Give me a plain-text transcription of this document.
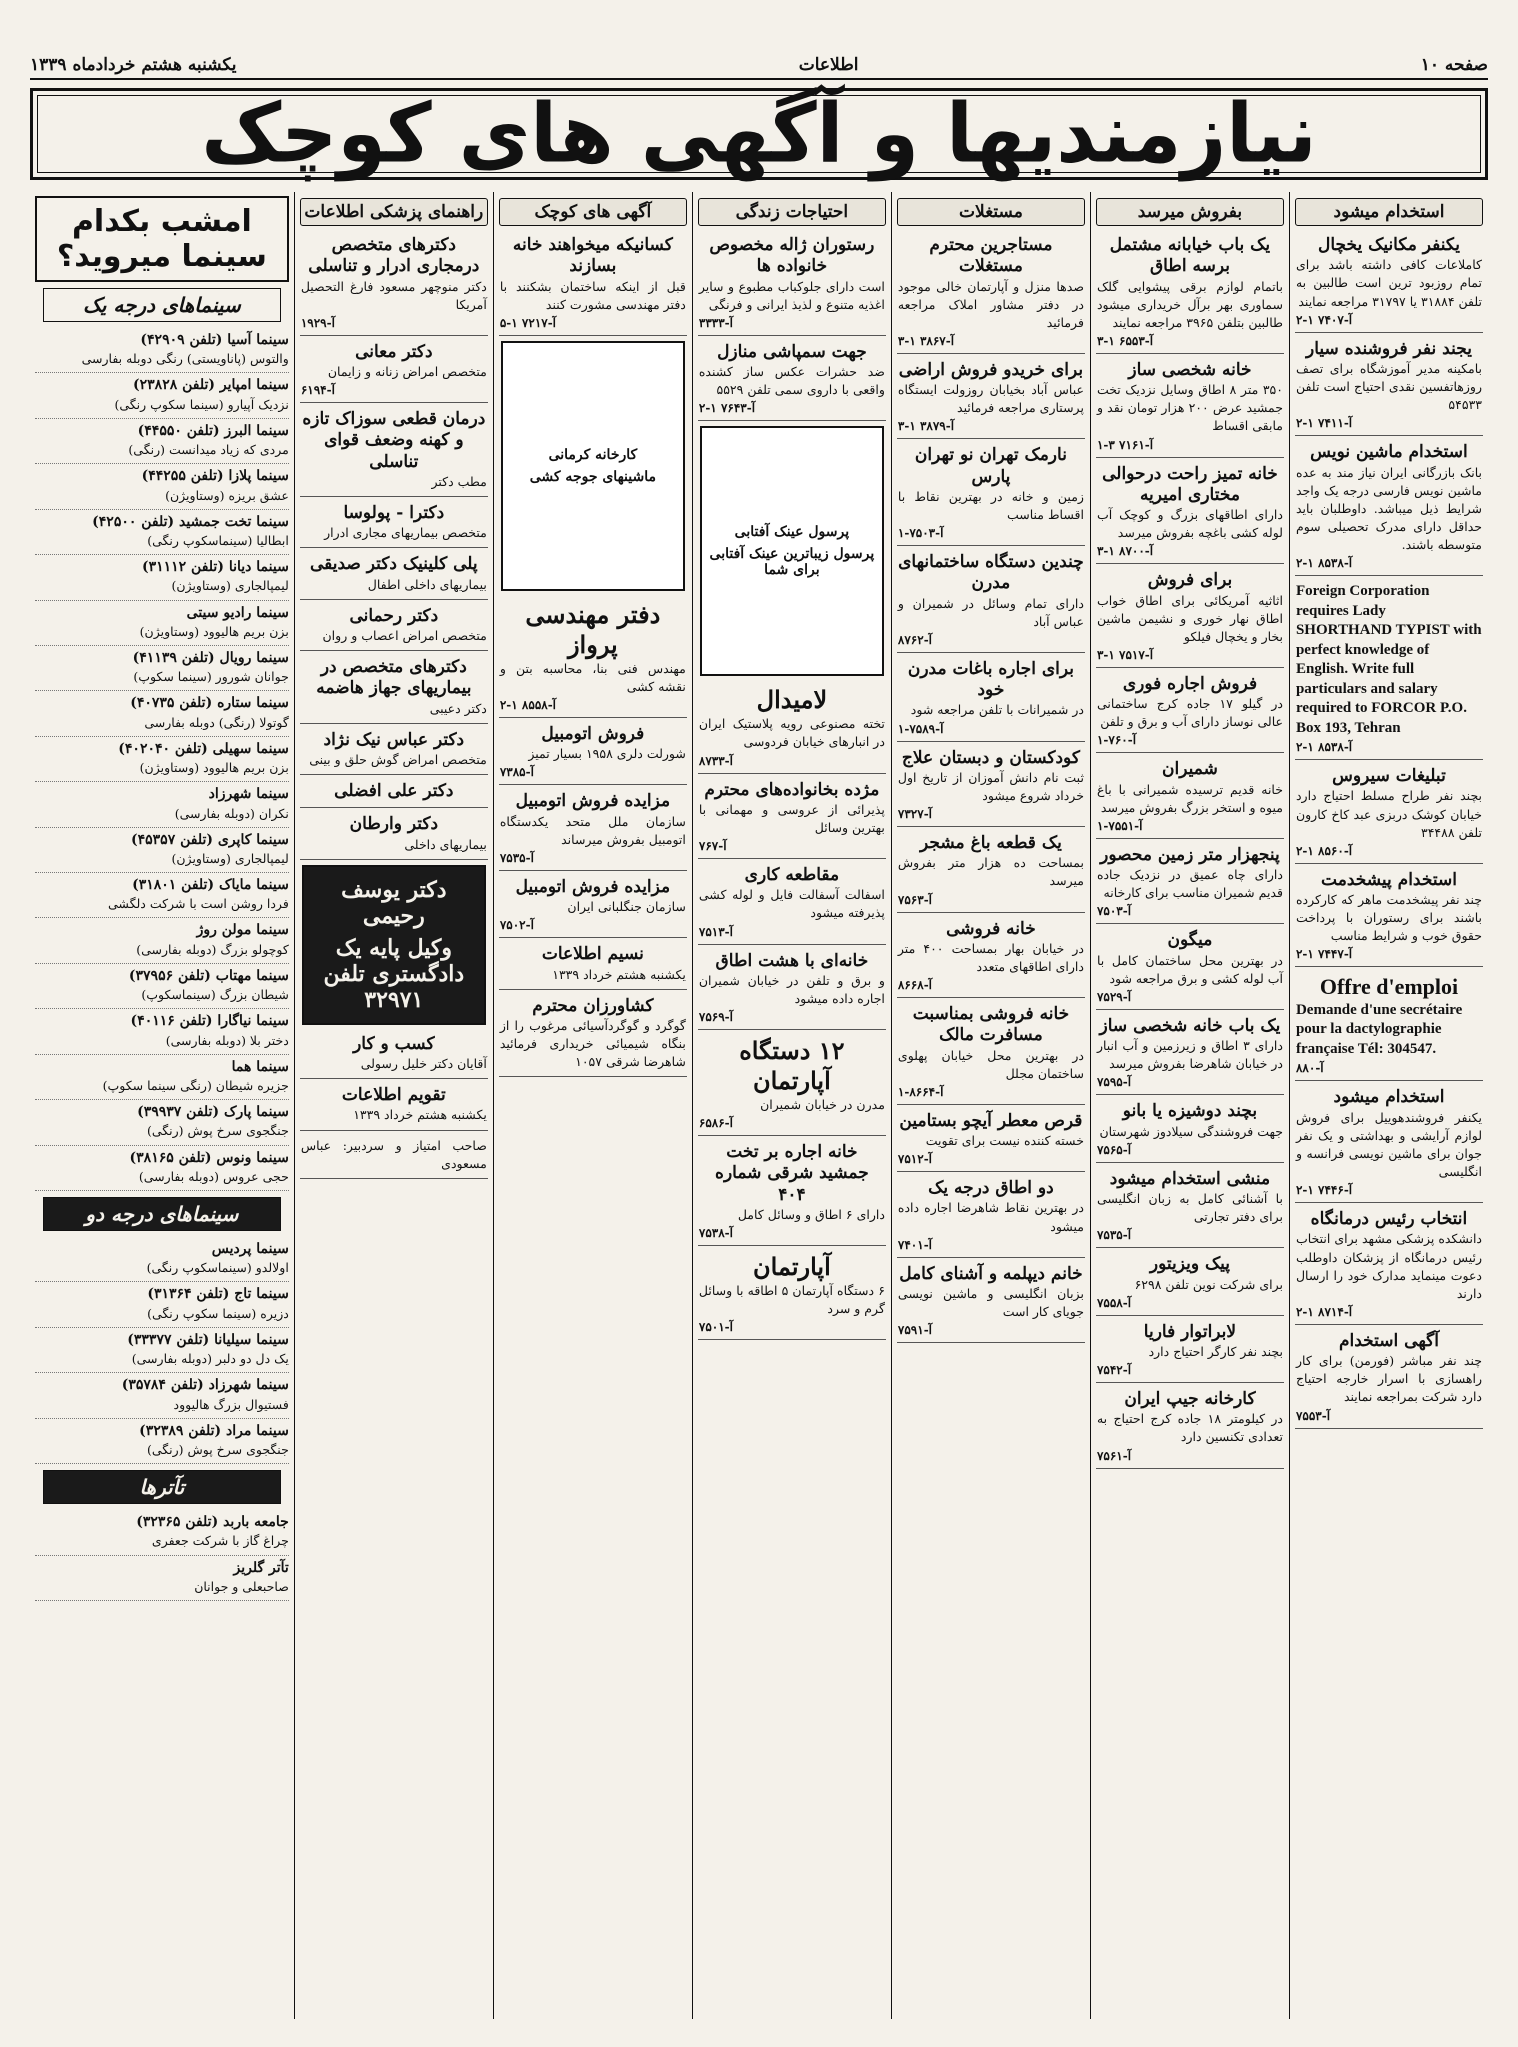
صفحه ۱۰
اطلاعات
یکشنبه هشتم خردادماه ۱۳۳۹
نیازمندیها و آگهی های کوچک
استخدام میشود
یکنفر مکانیک یخچال
کاملاعات کافی داشته باشد برای تمام روزبود ترین است طالبین به تلفن ۳۱۸۸۴ یا ۳۱۷۹۷ مراجعه نمایند
۲-۱ آ-۷۴۰۷
یجند نفر فروشنده سیار
بامکینه مدیر آموزشگاه برای تصف روزهاتفسین نقدی احتیاج است تلفن ۵۴۵۳۳
۲-۱ آ-۷۴۱۱
استخدام ماشین نویس
بانک بازرگانی ایران نیاز مند به عده ماشین نویس فارسی درجه یک واجد شرایط ذیل میباشد. داوطلبان باید حداقل دارای مدرک تحصیلی سوم متوسطه باشند.
۲-۱ آ-۸۵۳۸
Foreign Corporation requires Lady SHORTHAND TYPIST with perfect knowledge of English. Write full particulars and salary required to FORCOR P.O. Box 193, Tehran
۲-۱ آ-۸۵۳۸
تبلیغات سیروس
بچند نفر طراح مسلط احتیاج دارد خیابان کوشک دربزی عبد کاخ کارون تلفن ۳۴۴۸۸
۲-۱ آ-۸۵۶۰
استخدام پیشخدمت
چند نفر پیشخدمت ماهر که کارکرده باشند برای رستوران با پرداخت حقوق خوب و شرایط مناسب
۲-۱ آ-۷۴۴۷
Offre d'emploi
Demande d'une secrétaire pour la dactylographie française Tél: 304547.
آ-۸۸۰
استخدام میشود
یکنفر فروشندهوییل برای فروش لوازم آرایشی و بهداشتی و یک نفر جوان برای ماشین نویسی فرانسه و انگلیسی
۲-۱ آ-۷۴۴۶
انتخاب رئیس درمانگاه
دانشکده پزشکی مشهد برای انتخاب رئیس درمانگاه از پزشکان داوطلب دعوت مینماید مدارک خود را ارسال دارند
۲-۱ آ-۸۷۱۴
آگهی استخدام
چند نفر مباشر (فورمن) برای کار راهسازی با اسرار خارجه احتیاج دارد شرکت بمراجعه نمایند
آ-۷۵۵۳
بفروش میرسد
یک باب خیابانه مشتمل برسه اطاق
باتمام لوازم برقی پیشوایی گلک سماوری بهر برآل خریداری میشود طالبین بتلفن ۳۹۶۵ مراجعه نمایند
۳-۱ آ-۶۵۵۳
خانه شخصی ساز
۳۵۰ متر ۸ اطاق وسایل نزدیک تخت جمشید عرض ۲۰۰ هزار تومان نقد و مابقی اقساط
۱-۳ آ-۷۱۶۱
خانه تمیز راحت درحوالی مختاری امیریه
دارای اطاقهای بزرگ و کوچک آب لوله کشی باغچه بفروش میرسد
۳-۱ آ-۸۷۰۰
برای فروش
اثاثیه آمریکائی برای اطاق خواب اطاق نهار خوری و نشیمن ماشین بخار و یخچال فیلکو
۳-۱ آ-۷۵۱۷
فروش اجاره فوری
در گیلو ۱۷ جاده کرج ساختمانی عالی نوساز دارای آب و برق و تلفن
آ-۷۶۰-۱
شمیران
خانه قدیم ترسیده شمیرانی با باغ میوه و استخر بزرگ بفروش میرسد
آ-۷۵۵۱-۱
پنجهزار متر زمین محصور
دارای چاه عمیق در نزدیک جاده قدیم شمیران مناسب برای کارخانه
آ-۷۵۰۳
میگون
در بهترین محل ساختمان کامل با آب لوله کشی و برق مراجعه شود
آ-۷۵۲۹
یک باب خانه شخصی ساز
دارای ۳ اطاق و زیرزمین و آب انبار در خیابان شاهرضا بفروش میرسد
آ-۷۵۹۵
بچند دوشیزه یا بانو
جهت فروشندگی سیلادوز شهرستان
آ-۷۵۶۵
منشی استخدام میشود
با آشنائی کامل به زبان انگلیسی برای دفتر تجارتی
آ-۷۵۳۵
پیک ویزیتور
برای شرکت نوین تلفن ۶۲۹۸
آ-۷۵۵۸
لابراتوار فاریا
بچند نفر کارگر احتیاج دارد
آ-۷۵۴۲
کارخانه جیپ ایران
در کیلومتر ۱۸ جاده کرج احتیاج به تعدادی تکنسین دارد
آ-۷۵۶۱
مستغلات
مستاجرین محترم مستغلات
صدها منزل و آپارتمان خالی موجود در دفتر مشاور املاک مراجعه فرمائید
۳-۱ آ-۳۸۶۷
برای خریدو فروش اراضی
عباس آباد بخیابان روزولت ایستگاه پرستاری مراجعه فرمائید
۳-۱ آ-۳۸۷۹
نارمک تهران نو تهران پارس
زمین و خانه در بهترین نقاط با اقساط مناسب
آ-۷۵۰۳-۱
چندین دستگاه ساختمانهای مدرن
دارای تمام وسائل در شمیران و عباس آباد
آ-۸۷۶۲
برای اجاره باغات مدرن خود
در شمیرانات با تلفن مراجعه شود
آ-۷۵۸۹-۱
کودکستان و دبستان علاج
ثبت نام دانش آموزان از تاریخ اول خرداد شروع میشود
آ-۷۳۲۷
یک قطعه باغ مشجر
بمساحت ده هزار متر بفروش میرسد
آ-۷۵۶۳
خانه فروشی
در خیابان بهار بمساحت ۴۰۰ متر دارای اطاقهای متعدد
آ-۸۶۶۸
خانه فروشی بمناسبت مسافرت مالک
در بهترین محل خیابان پهلوی ساختمان مجلل
آ-۸۶۶۴-۱
قرص معطر آیچو بستامین
خسته کننده نیست برای تقویت
آ-۷۵۱۲
دو اطاق درجه یک
در بهترین نقاط شاهرضا اجاره داده میشود
آ-۷۴۰۱
خانم دیپلمه و آشنای کامل
بزبان انگلیسی و ماشین نویسی جویای کار است
آ-۷۵۹۱
احتیاجات زندگی
رستوران ژاله مخصوص خانواده ها
است دارای جلوکباب مطبوع و سایر اغذیه متنوع و لذیذ ایرانی و فرنگی
آ-۳۳۳۳
جهت سمپاشی منازل
ضد حشرات عکس ساز کشنده واقعی با داروی سمی تلفن ۵۵۲۹
۲-۱ آ-۷۶۴۳
پرسول عینک آفتابی
پرسول زیباترین عینک آفتابی برای شما
لامیدال
تخته مصنوعی رویه پلاستیک ایران در انبارهای خیابان فردوسی
آ-۸۷۳۳
مژده بخانواده‌های محترم
پذیرائی از عروسی و مهمانی با بهترین وسائل
آ-۷۶۷
مقاطعه کاری
اسفالت آسفالت فایل و لوله کشی پذیرفته میشود
آ-۷۵۱۳
خانه‌ای با هشت اطاق
و برق و تلفن در خیابان شمیران اجاره داده میشود
آ-۷۵۶۹
۱۲ دستگاه آپارتمان
مدرن در خیابان شمیران
آ-۶۵۸۶
خانه اجاره بر تخت جمشید شرقی شماره ۴۰۴
دارای ۶ اطاق و وسائل کامل
آ-۷۵۳۸
آپارتمان
۶ دستگاه آپارتمان ۵ اطاقه با وسائل گرم و سرد
آ-۷۵۰۱
آگهی های کوچک
کسانیکه میخواهند خانه بسازند
قبل از اینکه ساختمان بشکنند با دفتر مهندسی مشورت کنند
آ-۷۲۱۷ ۱-۵
کارخانه کرمانی
ماشینهای جوجه کشی
دفتر مهندسی پرواز
مهندس فنی بنا، محاسبه بتن و نقشه کشی
آ-۸۵۵۸ ۱-۲
فروش اتومبیل
شورلت دلری ۱۹۵۸ بسیار تمیز
آ-۷۳۸۵
مزایده فروش اتومبیل
سازمان ملل متحد یکدستگاه اتومبیل بفروش میرساند
آ-۷۵۳۵
مزایده فروش اتومبیل
سازمان جنگلبانی ایران
آ-۷۵۰۲
نسیم اطلاعات
یکشنبه هشتم خرداد ۱۳۳۹
کشاورزان محترم
گوگرد و گوگردآسیائی مرغوب را از بنگاه شیمیائی خریداری فرمائید شاهرضا شرقی ۱۰۵۷
راهنمای پزشکی اطلاعات
دکترهای متخصص درمجاری ادرار و تناسلی
دکتر منوچهر مسعود فارغ التحصیل آمریکا
آ-۱۹۲۹
دکتر معانی
متخصص امراض زنانه و زایمان
آ-۶۱۹۴
درمان قطعی سوزاک تازه و کهنه وضعف قوای تناسلی
مطب دکتر
دکترا - پولوسا
متخصص بیماریهای مجاری ادرار
پلی کلینیک دکتر صدیقی
بیماریهای داخلی اطفال
دکتر رحمانی
متخصص امراض اعصاب و روان
دکترهای متخصص در بیماریهای جهاز هاضمه
دکتر دعیبی
دکتر عباس نیک نژاد
متخصص امراض گوش حلق و بینی
دکتر علی افضلی
دکتر وارطان
بیماریهای داخلی
دکتر یوسف رحیمی
وکیل پایه یک دادگستری تلفن ۳۲۹۷۱
کسب و کار
آقایان دکتر خلیل رسولی
تقویم اطلاعات
یکشنبه هشتم خرداد ۱۳۳۹
صاحب امتیاز و سردبیر: عباس مسعودی
امشب بکدام سینما میروید؟
سینماهای درجه یک
سینما آسیا (تلفن ۴۲۹۰۹)
والتوس (پاناویستی) رنگی دوبله بفارسی
سینما امپایر (تلفن ۲۳۸۲۸)
نزدیک آپیارو (سینما سکوپ رنگی)
سینما البرز (تلفن ۴۴۵۵۰)
مردی که زیاد میدانست (رنگی)
سینما پلازا (تلفن ۴۴۲۵۵)
عشق بریزه (وستاویژن)
سینما تخت جمشید (تلفن ۴۲۵۰۰)
ابطالیا (سینماسکوپ رنگی)
سینما دیانا (تلفن ۳۱۱۱۲)
لیمپالجاری (وستاویژن)
سینما رادیو سیتی
بزن بریم هالیوود (وستاویژن)
سینما رویال (تلفن ۴۱۱۳۹)
جوانان شورور (سینما سکوپ)
سینما ستاره (تلفن ۴۰۷۳۵)
گوتولا (رنگی) دوبله بفارسی
سینما سهیلی (تلفن ۴۰۲۰۴۰)
بزن بریم هالیوود (وستاویژن)
سینما شهرزاد
نکران (دوبله بفارسی)
سینما کاپری (تلفن ۴۵۳۵۷)
لیمپالجاری (وستاویژن)
سینما مایاک (تلفن ۳۱۸۰۱)
فردا روشن است با شرکت دلگشی
سینما مولن روژ
کوچولو بزرگ (دوبله بفارسی)
سینما مهتاب (تلفن ۳۷۹۵۶)
شیطان بزرگ (سینماسکوپ)
سینما نیاگارا (تلفن ۴۰۱۱۶)
دختر بلا (دوبله بفارسی)
سینما هما
جزیره شیطان (رنگی سینما سکوپ)
سینما پارک (تلفن ۳۹۹۳۷)
جنگجوی سرخ پوش (رنگی)
سینما ونوس (تلفن ۳۸۱۶۵)
حجی عروس (دوبله بفارسی)
سینماهای درجه دو
سینما پردیس
اولالدو (سینماسکوپ رنگی)
سینما تاج (تلفن ۳۱۳۶۴)
دزیره (سینما سکوپ رنگی)
سینما سیلیانا (تلفن ۳۳۳۷۷)
یک دل دو دلبر (دوبله بفارسی)
سینما شهرزاد (تلفن ۳۵۷۸۴)
فستیوال بزرگ هالیوود
سینما مراد (تلفن ۳۲۳۸۹)
جنگجوی سرخ پوش (رنگی)
تآترها
جامعه باربد (تلفن ۳۲۳۶۵)
چراغ گاز با شرکت جعفری
تآتر گلریز
صاحبعلی و جوانان
